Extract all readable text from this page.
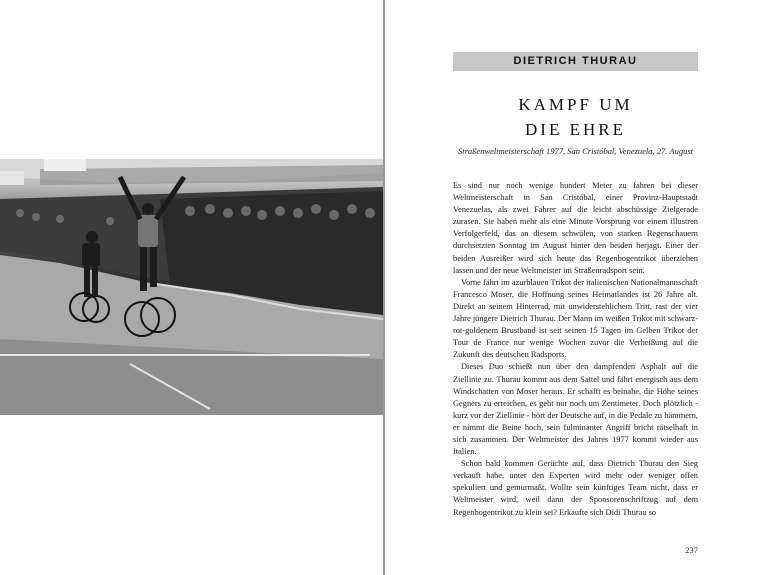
DIETRICH THURAU
KAMPF UM
DIE EHRE
Straßenweltmeisterschaft 1977, San Cristóbal, Venezuela, 27. August

Es sind nur noch wenige hundert Meter zu fahren bei dieser Weltmeisterschaft in San Cristóbal, einer Provinz-Hauptstadt Venezuelas, als zwei Fahrer auf die leicht abschüssige Zielgerade zurasen. Sie haben mehr als eine Minute Vorsprung vor einem illustren Verfolgerfeld, das an diesem schwülen, von starken Regenschauern durchsetzten Sonntag im August hinter den beiden herjagt. Einer der beiden Ausreißer wird sich heute das Regenbogentrikot überziehen lassen und der neue Weltmeister im Straßenradsport sein.

Vorne fährt im azurblauen Trikot der italienischen Nationalmannschaft Francesco Moser, die Hoffnung seines Heimatlandes ist 26 Jahre alt. Direkt an seinem Hinterrad, mit unwiderstehlichem Tritt, rast der vier Jahre jüngere Dietrich Thurau. Der Mann im weißen Trikot mit schwarz-rot-goldenem Brustband ist seit seinen 15 Tagen im Gelben Trikot der Tour de France nur wenige Wochen zuvor die Verheißung auf die Zukunft des deutschen Radsports.

Dieses Duo schießt nun über den dampfenden Asphalt auf die Ziellinie zu. Thurau kommt aus dem Sattel und fährt energisch aus dem Windschatten von Moser heraus. Er schafft es beinahe, die Höhe seines Gegners zu erreichen, es geht nur noch um Zentimeter. Doch plötzlich - kurz vor der Ziellinie - hört der Deutsche auf, in die Pedale zu hämmern, er nimmt die Beine hoch, sein fulminanter Angriff bricht rätselhaft in sich zusammen. Der Weltmeister des Jahres 1977 kommt wieder aus Italien.

Schon bald kommen Gerüchte auf, dass Dietrich Thurau den Sieg verkauft habe, unter den Experten wird mehr oder weniger offen spekuliert und gemurmaßt. Wollte sein künftiges Team nicht, dass er Weltmeister wird, weil dann der Sponsorenschriftzug auf dem Regenbogentrikot zu klein sei? Erkaufte sich Didi Thurau so

237
